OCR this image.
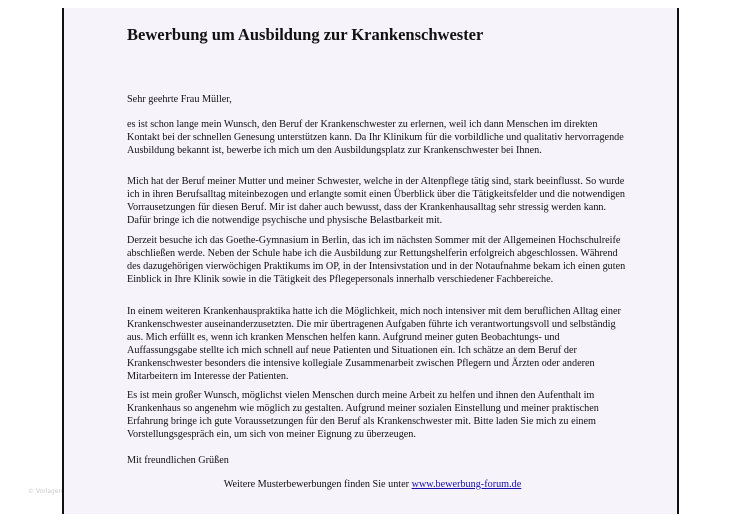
Bewerbung um Ausbildung zur Krankenschwester

Sehr geehrte Frau Müller,

es ist schon lange mein Wunsch, den Beruf der Krankenschwester zu erlernen, weil ich dann Menschen im direkten Kontakt bei der schnellen Genesung unterstützen kann. Da Ihr Klinikum für die vorbildliche und qualitativ hervorragende Ausbildung bekannt ist, bewerbe ich mich um den Ausbildungsplatz zur Krankenschwester bei Ihnen.

Mich hat der Beruf meiner Mutter und meiner Schwester, welche in der Altenpflege tätig sind, stark beeinflusst. So wurde ich in ihren Berufsalltag miteinbezogen und erlangte somit einen Überblick über die Tätigkeitsfelder und die notwendigen Vorrausetzungen für diesen Beruf. Mir ist daher auch bewusst, dass der Krankenhausalltag sehr stressig werden kann. Dafür bringe ich die notwendige psychische und physische Belastbarkeit mit.

Derzeit besuche ich das Goethe-Gymnasium in Berlin, das ich im nächsten Sommer mit der Allgemeinen Hochschulreife abschließen werde. Neben der Schule habe ich die Ausbildung zur Rettungshelferin erfolgreich abgeschlossen. Während des dazugehörigen vierwöchigen Praktikums im OP, in der Intensivstation und in der Notaufnahme bekam ich einen guten Einblick in Ihre Klinik sowie in die Tätigkeit des Pflegepersonals innerhalb verschiedener Fachbereiche.

In einem weiteren Krankenhauspraktika hatte ich die Möglichkeit, mich noch intensiver mit dem beruflichen Alltag einer Krankenschwester auseinanderzusetzten. Die mir übertragenen Aufgaben führte ich verantwortungsvoll und selbständig aus. Mich erfüllt es, wenn ich kranken Menschen helfen kann. Aufgrund meiner guten Beobachtungs- und Auffassungsgabe stellte ich mich schnell auf neue Patienten und Situationen ein. Ich schätze an dem Beruf der Krankenschwester besonders die intensive kollegiale Zusammenarbeit zwischen Pflegern und Ärzten oder anderen Mitarbeitern im Interesse der Patienten.

Es ist mein großer Wunsch, möglichst vielen Menschen durch meine Arbeit zu helfen und ihnen den Aufenthalt im Krankenhaus so angenehm wie möglich zu gestalten. Aufgrund meiner sozialen Einstellung und meiner praktischen Erfahrung bringe ich gute Voraussetzungen für den Beruf als Krankenschwester mit. Bitte laden Sie mich zu einem Vorstellungsgespräch ein, um sich von meiner Eignung zu überzeugen.

Mit freundlichen Grüßen

Weitere Musterbewerbungen finden Sie unter www.bewerbung-forum.de
© Vorlagen
